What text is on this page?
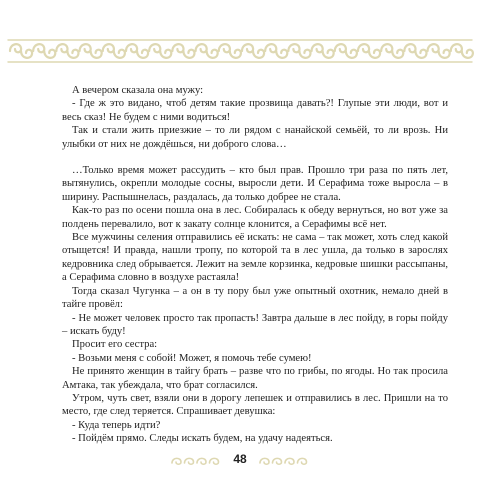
А вечером сказала она мужу:

- Где ж это видано, чтоб детям такие прозвища давать?! Глупые эти люди, вот и весь сказ! Не будем с ними водиться!

Так и стали жить приезжие – то ли рядом с нанайской семьёй, то ли врозь. Ни улыбки от них не дождёшься, ни доброго слова…

…Только время может рассудить – кто был прав. Прошло три раза по пять лет, вытянулись, окрепли молодые сосны, выросли дети. И Серафима тоже выросла – в ширину. Распышнелась, раздалась, да только добрее не стала.

Как-то раз по осени пошла она в лес. Собиралась к обеду вернуться, но вот уже за полдень перевалило, вот к закату солнце клонится, а Серафимы всё нет.

Все мужчины селения отправились её искать: не сама – так может, хоть след какой отыщется! И правда, нашли тропу, по которой та в лес ушла, да только в зарослях кедровника след обрывается. Лежит на земле корзинка, кедровые шишки рассыпаны, а Серафима словно в воздухе растаяла!

Тогда сказал Чугунка – а он в ту пору был уже опытный охотник, немало дней в тайге провёл:

- Не может человек просто так пропасть! Завтра дальше в лес пойду, в горы пойду – искать буду!

Просит его сестра:

- Возьми меня с собой! Может, я помочь тебе сумею!

Не принято женщин в тайгу брать – разве что по грибы, по ягоды. Но так просила Амтака, так убеждала, что брат согласился.

Утром, чуть свет, взяли они в дорогу лепешек и отправились в лес. Пришли на то место, где след теряется. Спрашивает девушка:

- Куда теперь идти?

- Пойдём прямо. Следы искать будем, на удачу надеяться.

48
